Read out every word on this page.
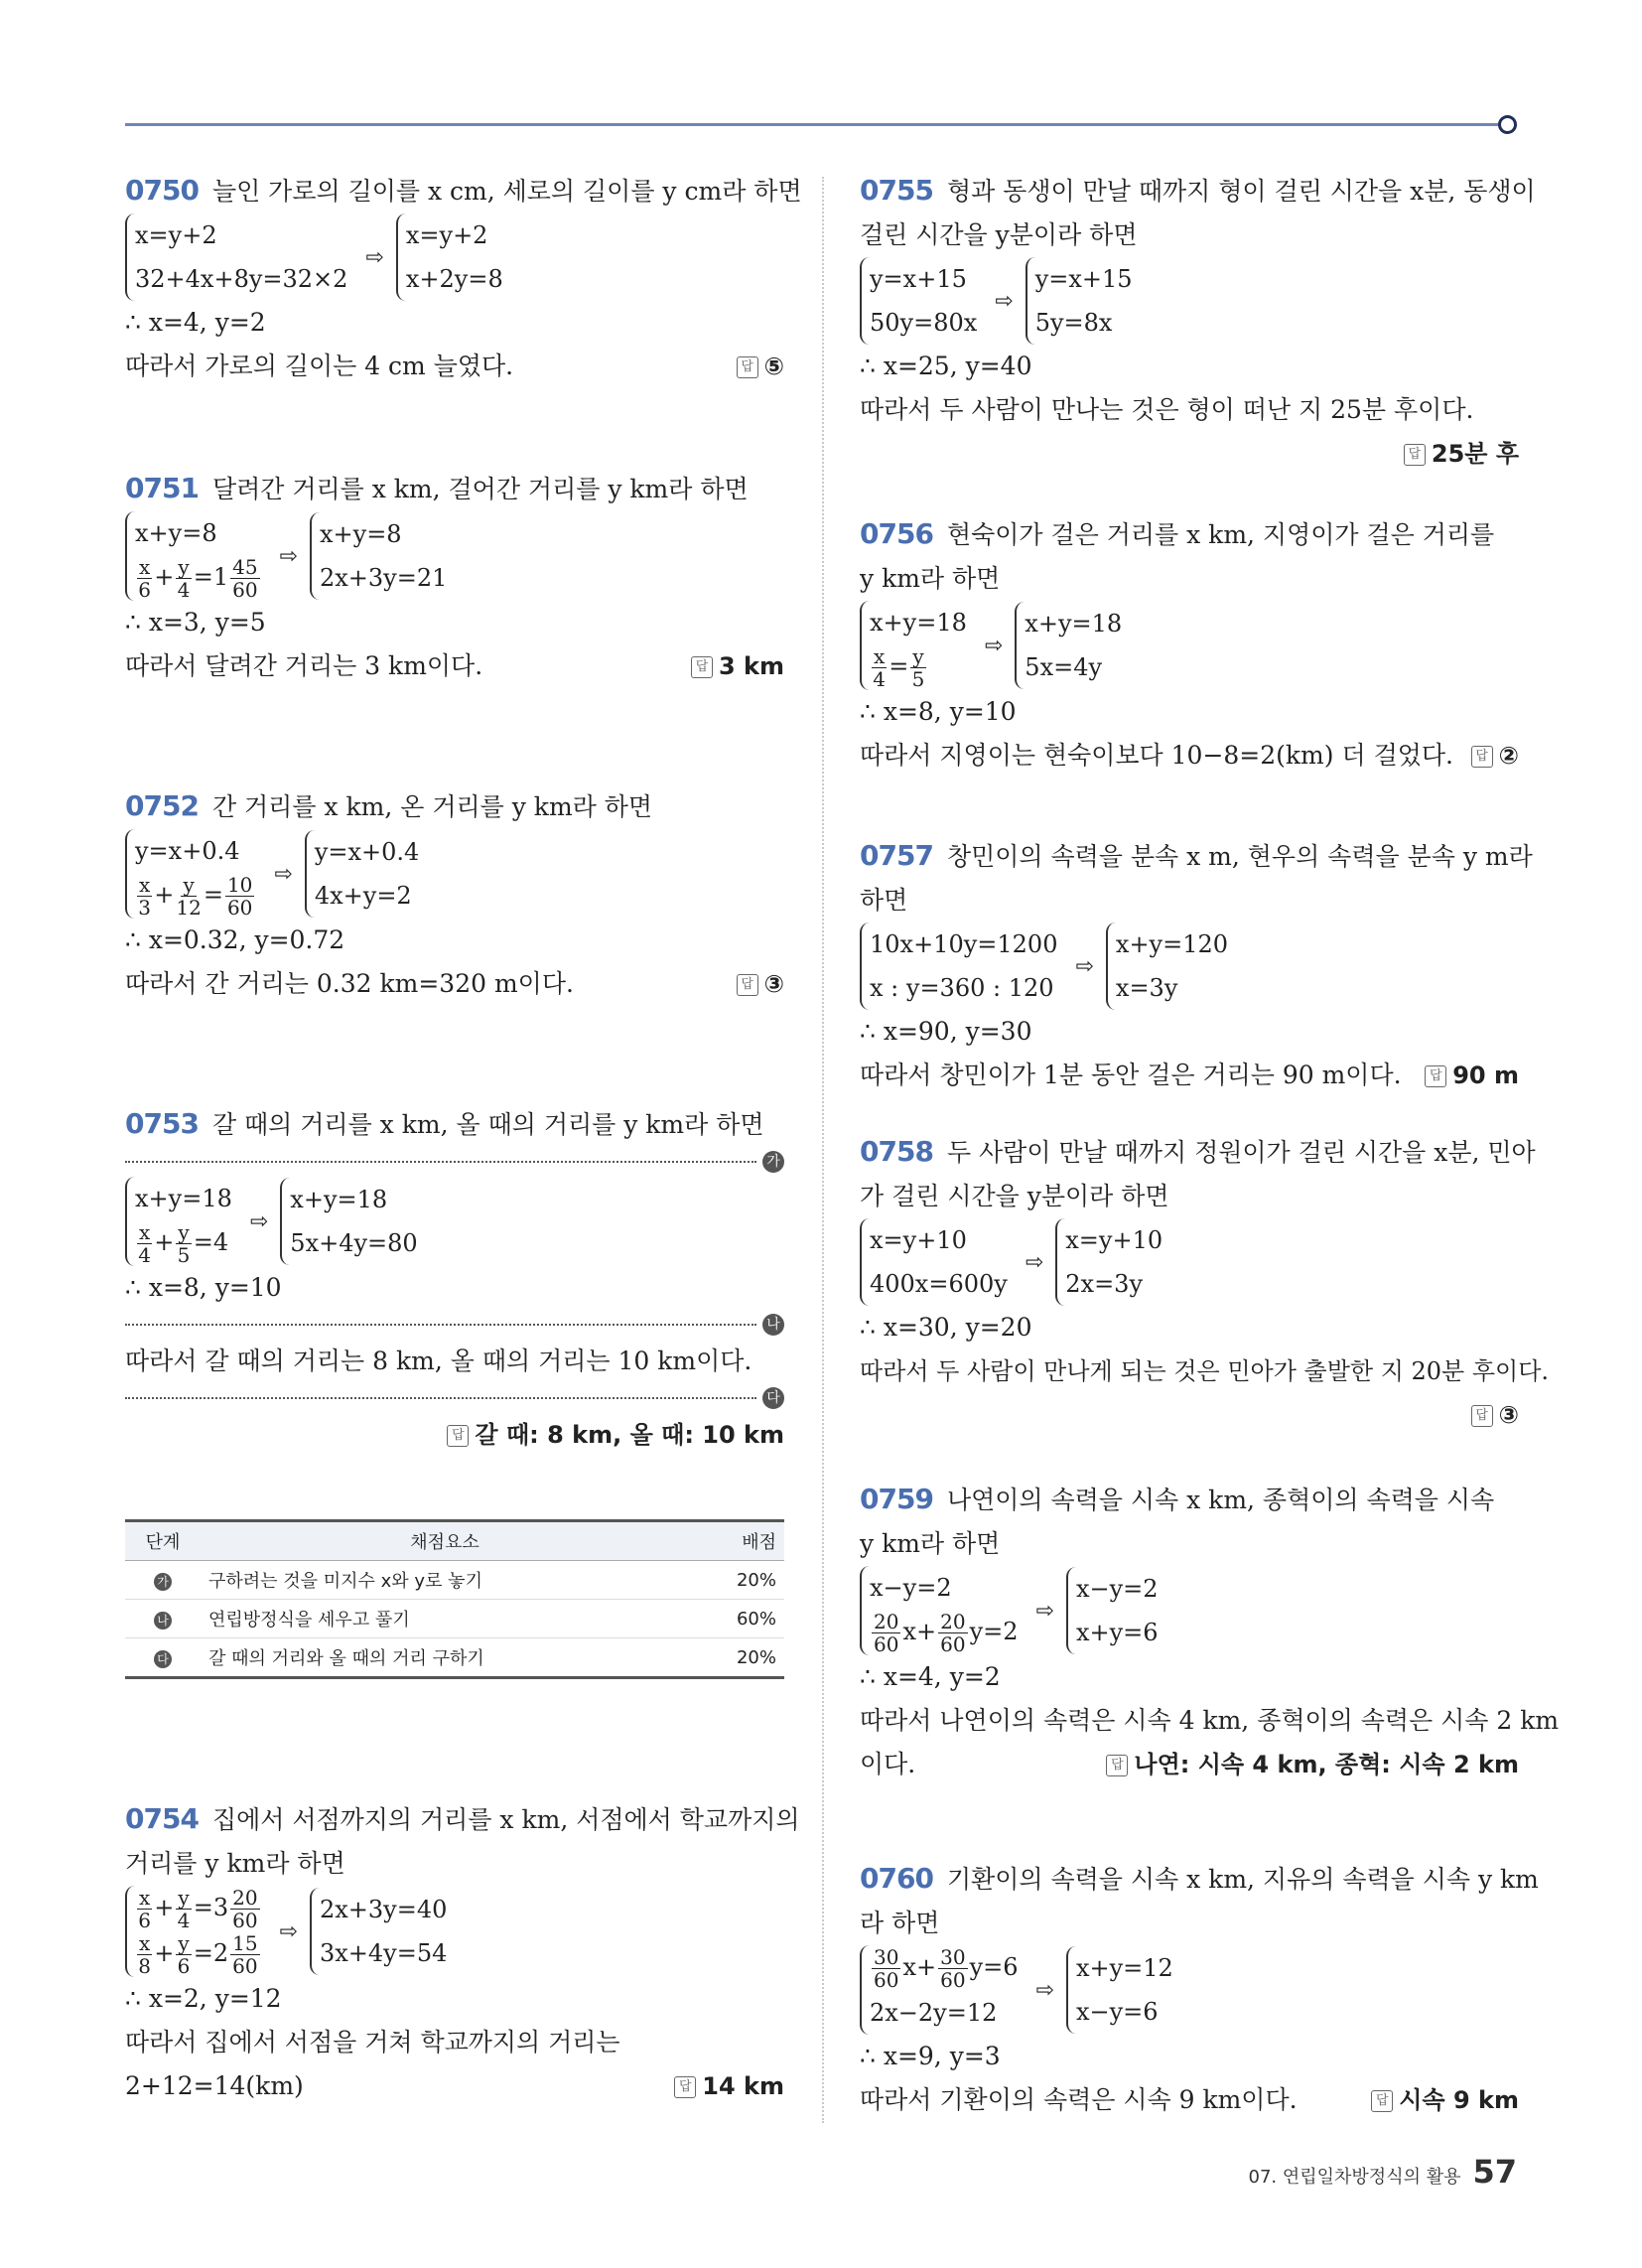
0750 늘인 가로의 길이를 x cm, 세로의 길이를 y cm라 하면
x=y+2
32+4x+8y=32×2
⇨
x=y+2
x+2y=8
∴ x=4, y=2
따라서 가로의 길이는 4 cm 늘였다.	답 ⑤
0751 달려간 거리를 x km, 걸어간 거리를 y km라 하면
x+y=8
$\frac{x}{6} + \frac{y}{4} =1 \frac{45}{60}$ ⇨
x+y=8
2x+3y=21
∴ x=3, y=5
따라서 달려간 거리는 3 km이다.	답 3 km
0752 간 거리를 x km, 온 거리를 y km라 하면
y=x+0.4
$\frac{x}{3} + \frac{y}{12} = \frac{10}{60}$ ⇨
y=x+0.4
4x+y=2
∴ x=0.32, y=0.72
따라서 간 거리는 0.32 km=320 m이다.	답 ③
0753 갈 때의 거리를 x km, 올 때의 거리를 y km라 하면
가
x+y=18
$\frac{x}{4} + \frac{y}{5} =4$
⇨
x+y=18
5x+4y=80
∴ x=8, y=10
나
따라서 갈 때의 거리는 8 km, 올 때의 거리는 10 km이다.
다
답 갈 때: 8 km, 올 때: 10 km
단계	채점요소	배점
가	구하려는 것을 미지수 x와 y로 놓기	20%
나	연립방정식을 세우고 풀기	60%
다	갈 때의 거리와 올 때의 거리 구하기	20%
0754 집에서 서점까지의 거리를 x km, 서점에서 학교까지의
거리를 y km라 하면
$\frac{x}{6} + \frac{y}{4} =3 \frac{20}{60}$
$\frac{x}{8} + \frac{y}{6} =2 \frac{15}{60}$
⇨
2x+3y=40
3x+4y=54
∴ x=2, y=12
따라서 집에서 서점을 거쳐 학교까지의 거리는
2+12=14(km)	답 14 km
0755 형과 동생이 만날 때까지 형이 걸린 시간을 x분, 동생이
걸린 시간을 y분이라 하면
y=x+15
50y=80x
⇨
y=x+15
5y=8x
∴ x=25, y=40
따라서 두 사람이 만나는 것은 형이 떠난 지 25분 후이다.
답 25분 후
0756 현숙이가 걸은 거리를 x km, 지영이가 걸은 거리를
y km라 하면
x+y=18
$\frac{x}{4} = \frac{y}{5}$	⇨
x+y=18
5x=4y
∴ x=8, y=10
따라서 지영이는 현숙이보다 10−8=2(km) 더 걸었다.	답 ②
0757 창민이의 속력을 분속 x m, 현우의 속력을 분속 y m라
하면
10x+10y=1200
x : y=360 : 120
⇨
x+y=120
x=3y
∴ x=90, y=30
따라서 창민이가 1분 동안 걸은 거리는 90 m이다.	답 90 m
0758 두 사람이 만날 때까지 정원이가 걸린 시간을 x분, 민아
가 걸린 시간을 y분이라 하면
x=y+10
400x=600y
⇨
x=y+10
2x=3y
∴ x=30, y=20
따라서 두 사람이 만나게 되는 것은 민아가 출발한 지 20분 후이다.
답 ③
0759 나연이의 속력을 시속 x km, 종혁이의 속력을 시속
y km라 하면
x−y=2
$\frac{20}{60} x+ \frac{20}{60} y=2$
⇨
x−y=2
x+y=6
∴ x=4, y=2
따라서 나연이의 속력은 시속 4 km, 종혁이의 속력은 시속 2 km
이다.	답 나연: 시속 4 km, 종혁: 시속 2 km
0760 기환이의 속력을 시속 x km, 지유의 속력을 시속 y km
라 하면
$\frac{30}{60} x+ \frac{30}{60} y=6$
2x−2y=12
⇨
x+y=12
x−y=6
∴ x=9, y=3
따라서 기환이의 속력은 시속 9 km이다.	답 시속 9 km
07. 연립일차방정식의 활용 57
